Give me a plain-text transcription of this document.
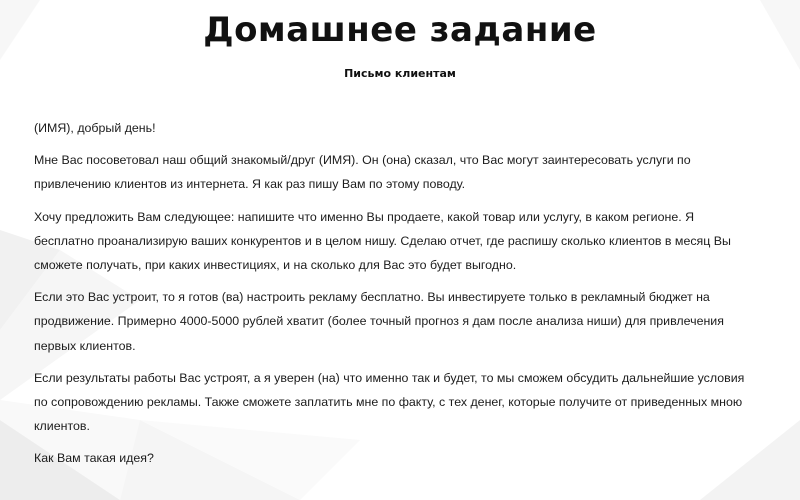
Домашнее задание
Письмо клиентам

(ИМЯ), добрый день!

Мне Вас посоветовал наш общий знакомый/друг (ИМЯ). Он (она) сказал, что Вас могут заинтересовать услуги по привлечению клиентов из интернета. Я как раз пишу Вам по этому поводу.

Хочу предложить Вам следующее: напишите что именно Вы продаете, какой товар или услугу, в каком регионе. Я бесплатно проанализирую ваших конкурентов и в целом нишу. Сделаю отчет, где распишу сколько клиентов в месяц Вы сможете получать, при каких инвестициях, и на сколько для Вас это будет выгодно.

Если это Вас устроит, то я готов (ва) настроить рекламу бесплатно. Вы инвестируете только в рекламный бюджет на продвижение. Примерно 4000-5000 рублей хватит (более точный прогноз я дам после анализа ниши) для привлечения первых клиентов.

Если результаты работы Вас устроят, а я уверен (на) что именно так и будет, то мы сможем обсудить дальнейшие условия по сопровождению рекламы. Также сможете заплатить мне по факту, с тех денег, которые получите от приведенных мною клиентов.

Как Вам такая идея?
